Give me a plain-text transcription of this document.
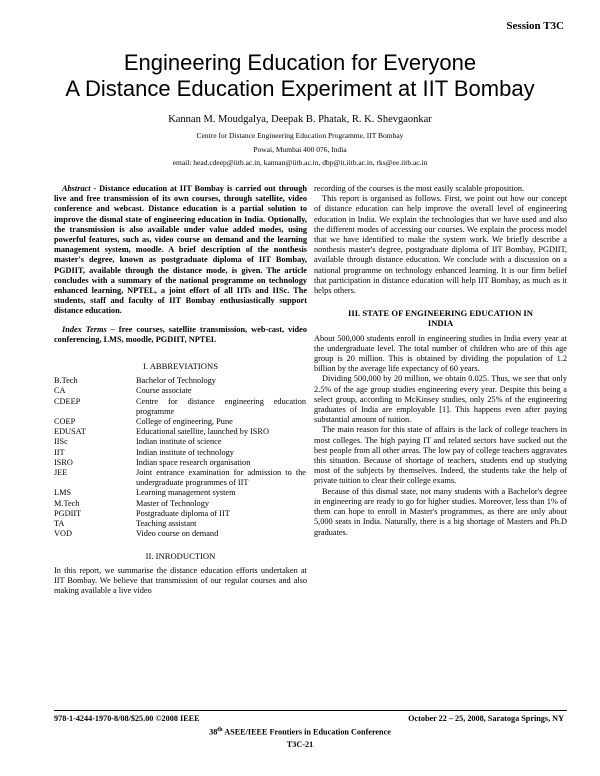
Session T3C
Engineering Education for Everyone
A Distance Education Experiment at IIT Bombay
Kannan M. Moudgalya, Deepak B. Phatak, R. K. Shevgaonkar
Centre for Distance Engineering Education Programme, IIT Bombay
Powai, Mumbai 400 076, India
email: head.cdeep@iitb.ac.in, kannan@iitb.ac.in, dbp@it.iitb.ac.in, rks@ee.iitb.ac.in

Abstract - Distance education at IIT Bombay is carried out through live and free transmission of its own courses, through satellite, video conference and webcast. Distance education is a partial solution to improve the dismal state of engineering education in India. Optionally, the transmission is also available under value added modes, using powerful features, such as, video course on demand and the learning management system, moodle. A brief description of the nonthesis master's degree, known as postgraduate diploma of IIT Bombay, PGDIIT, available through the distance mode, is given. The article concludes with a summary of the national programme on technology enhanced learning, NPTEL, a joint effort of all IITs and IISc. The students, staff and faculty of IIT Bombay enthusiastically support distance education.

Index Terms – free courses, satellite transmission, web-cast, video conferencing, LMS, moodle, PGDIIT, NPTEL

I. ABBREVIATIONS
B.Tech	Bachelor of Technology
CA	Course associate
CDEEP	Centre for distance engineering education programme
COEP	College of engineering, Pune
EDUSAT	Educational satellite, launched by ISRO
IISc	Indian institute of science
IIT	Indian institute of technology
ISRO	Indian space research organisation
JEE	Joint entrance examination for admission to the undergraduate programmes of IIT
LMS	Learning management system
M.Tech	Master of Technology
PGDIIT	Postgraduate diploma of IIT
TA	Teaching assistant
VOD	Video course on demand
II. INRODUCTION

In this report, we summarise the distance education efforts undertaken at IIT Bombay. We believe that transmission of our regular courses and also making available a live video

recording of the courses is the most easily scalable proposition.

This report is organised as follows. First, we point out how our concept of distance education can help improve the overall level of engineering education in India. We explain the technologies that we have used and also the different modes of accessing our courses. We explain the process model that we have identified to make the system work. We briefly describe a nonthesis master's degree, postgraduate diploma of IIT Bombay, PGDIIT, available through distance education. We conclude with a discussion on a national programme on technology enhanced learning. It is our firm belief that participation in distance education will help IIT Bombay, as much as it helps others.

III. STATE OF ENGINEERING EDUCATION IN
INDIA

About 500,000 students enroll in engineering studies in India every year at the undergraduate level. The total number of children who are of this age group is 20 million. This is obtained by dividing the population of 1.2 billion by the average life expectancy of 60 years.

Dividing 500,000 by 20 million, we obtain 0.025. Thus, we see that only 2.5% of the age group studies engineering every year. Despite this being a select group, according to McKinsey studies, only 25% of the engineering graduates of India are employable [1]. This happens even after paying substantial amount of tuition.

The main reason for this state of affairs is the lack of college teachers in most colleges. The high paying IT and related sectors have sucked out the best people from all other areas. The low pay of college teachers aggravates this situation. Because of shortage of teachers, students end up studying most of the subjects by themselves. Indeed, the students take the help of private tuition to clear their college exams.

Because of this dismal state, not many students with a Bachelor's degree in engineering are ready to go for higher studies. Moreover, less than 1% of them can hope to enroll in Master's programmes, as there are only about 5,000 seats in India. Naturally, there is a big shortage of Masters and Ph.D graduates.

978-1-4244-1970-8/08/$25.00 ©2008 IEEE	October 22 – 25, 2008, Saratoga Springs, NY
38th ASEE/IEEE Frontiers in Education Conference
T3C-21
